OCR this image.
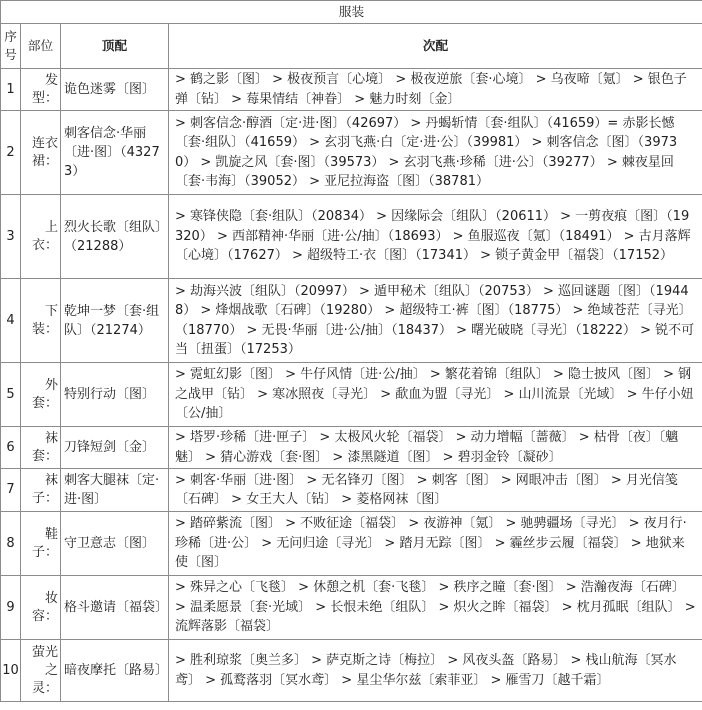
服装			
序号	部位	顶配	次配
1	发型：	诡色迷雾〔图〕	> 鹤之影〔图〕 > 极夜预言〔心境〕 > 极夜逆旅〔套·心境〕 > 乌夜啼〔氪〕 > 银色子弹〔钻〕 > 莓果情结〔神眷〕 > 魅力时刻〔金〕
2	连衣裙：	刺客信念·华丽〔进·图〕（43273）	> 刺客信念·醇酒〔定·进·图〕（42697） > 丹蝎斩情〔套·组队〕（41659）= 赤影长憾〔套·组队〕（41659） > 玄羽飞燕·白〔定·进·公〕（39981） > 刺客信念〔图〕（39730） > 凯旋之风〔套·图〕（39573） > 玄羽飞燕·珍稀〔进·公〕（39277） > 棘夜星回〔套·韦海〕（39052） > 亚尼拉海盗〔图〕（38781）
3	上衣：	烈火长歌〔组队〕（21288）	> 寒锋侠隐〔套·组队〕（20834） > 因缘际会〔组队〕（20611） > 一剪夜痕〔图〕（19320） > 西部精神·华丽〔进·公/抽〕（18693） > 鱼服巡夜〔氪〕（18491） > 古月落辉〔心境〕（17627） > 超级特工·衣〔图〕（17341） > 锁子黄金甲〔福袋〕（17152）
4	下装：	乾坤一梦〔套·组队〕（21274）	> 劫海兴波〔组队〕（20997） > 遁甲秘术〔组队〕（20753） > 巡回谜题〔图〕（19448） > 烽烟战歌〔石碑〕（19280） > 超级特工·裤〔图〕（18775） > 绝域苍茫〔寻光〕（18770） > 无畏·华丽〔进·公/抽〕（18437） > 曙光破晓〔寻光〕（18222） > 锐不可当〔扭蛋〕（17253）
5	外套：	特别行动〔图〕	> 霓虹幻影〔图〕 > 牛仔风情〔进·公/抽〕 > 繁花着锦〔组队〕 > 隐士披风〔图〕 > 钢之战甲〔钻〕 > 寒冰照夜〔寻光〕 > 歃血为盟〔寻光〕 > 山川流景〔光域〕 > 牛仔小妞〔公/抽〕
6	袜套：	刀锋短剑〔金〕	> 塔罗·珍稀〔进·匣子〕 > 太极风火轮〔福袋〕 > 动力增幅〔蔷薇〕 > 枯骨〔夜〕〔魑魅〕 > 猜心游戏〔套·图〕 > 漆黑隧道〔图〕 > 碧羽金铃〔凝砂〕
7	袜子：	刺客大腿袜〔定·进·图〕	> 刺客·华丽〔进·图〕 > 无名锋刃〔图〕 > 刺客〔图〕 > 网眼冲击〔图〕 > 月光信笺〔石碑〕 > 女王大人〔钻〕 > 菱格网袜〔图〕
8	鞋子：	守卫意志〔图〕	> 踏碎紫流〔图〕 > 不败征途〔福袋〕 > 夜游神〔氪〕 > 驰骋疆场〔寻光〕 > 夜月行·珍稀〔进·公〕 > 无问归途〔寻光〕 > 踏月无踪〔图〕 > 霾丝步云履〔福袋〕 > 地狱来使〔图〕
9	妆容：	格斗邀请〔福袋〕	> 殊异之心〔飞毯〕 > 休憩之机〔套·飞毯〕 > 秩序之瞳〔套·图〕 > 浩瀚夜海〔石碑〕 > 温柔愿景〔套·光域〕 > 长恨未绝〔组队〕 > 炽火之眸〔福袋〕 > 枕月孤眠〔组队〕 > 流辉落影〔福袋〕
10	萤光之灵：	暗夜摩托〔路易〕	> 胜利琼浆〔奥兰多〕 > 萨克斯之诗〔梅拉〕 > 风夜头盔〔路易〕 > 栈山航海〔冥水鸢〕 > 孤鹜落羽〔冥水鸢〕 > 星尘华尔兹〔索菲亚〕 > 雁雪刀〔越千霜〕
